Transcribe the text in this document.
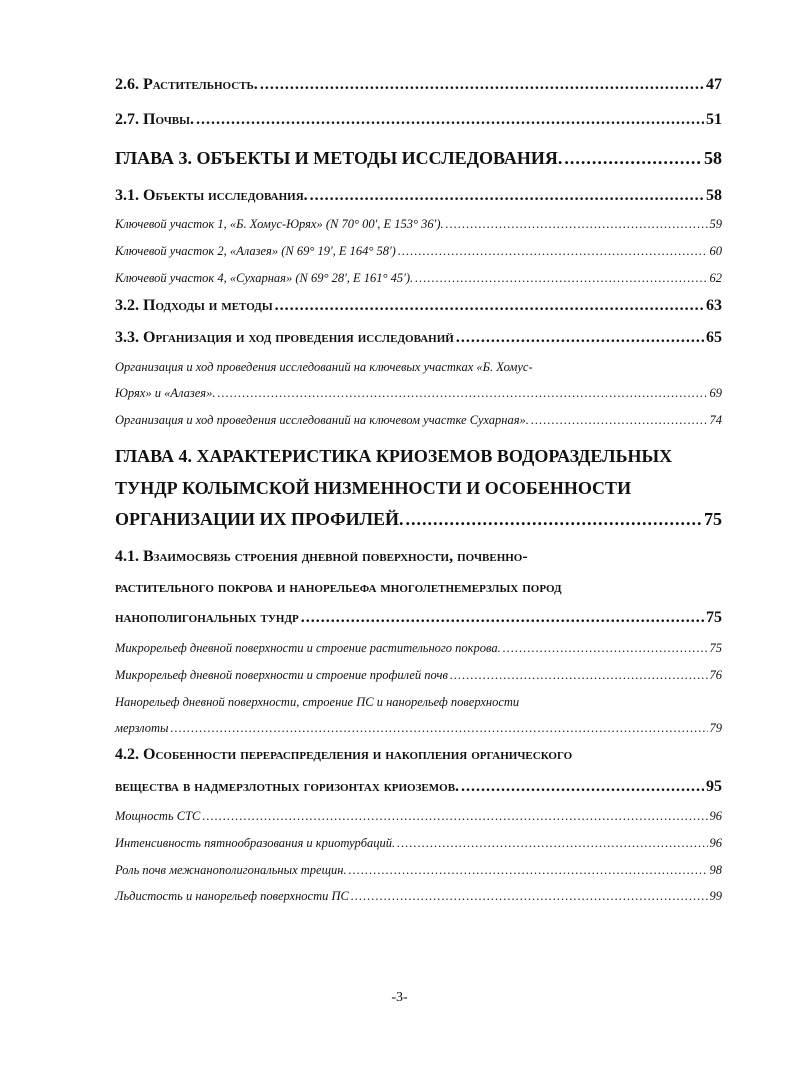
2.6. Растительность. .....	47
2.7. Почвы. .....	51
ГЛАВА 3. ОБЪЕКТЫ И МЕТОДЫ ИССЛЕДОВАНИЯ. .....	58
3.1. Объекты исследования. .....	58
Ключевой участок 1, «Б. Хомус-Юрях» (N 70° 00', E 153° 36'). .....	59
Ключевой участок 2, «Алазея» (N 69° 19', E 164° 58') .....	60
Ключевой участок 4, «Сухарная» (N 69° 28', E 161° 45'). .....	62
3.2. Подходы и методы .....	63
3.3. Организация и ход проведения исследований .....	65
Организация и ход проведения исследований на ключевых участках «Б. Хомус-
Юрях» и «Алазея». .....	69
Организация и ход проведения исследований на ключевом участке Сухарная». .....	74
ГЛАВА 4. ХАРАКТЕРИСТИКА КРИОЗЕМОВ ВОДОРАЗДЕЛЬНЫХ
ТУНДР КОЛЫМСКОЙ НИЗМЕННОСТИ И ОСОБЕННОСТИ
ОРГАНИЗАЦИИ ИХ ПРОФИЛЕЙ. .....	75
4.1. Взаимосвязь строения дневной поверхности, почвенно-
растительного покрова и нанорельефа многолетнемерзлых пород
нанополигональных тундр .....	75
Микрорельеф дневной поверхности и строение растительного покрова. .....	75
Микрорельеф дневной поверхности и строение профилей почв .....	76
Нанорельеф дневной поверхности, строение ПС и нанорельеф поверхности
мерзлоты .....	79
4.2. Особенности перераспределения и накопления органического
вещества в надмерзлотных горизонтах криоземов. .....	95
Мощность СТС .....	96
Интенсивность пятнообразования и криотурбаций. .....	96
Роль почв межнанополигональных трещин. .....	98
Льдистость и нанорельеф поверхности ПС .....	99
-3-
